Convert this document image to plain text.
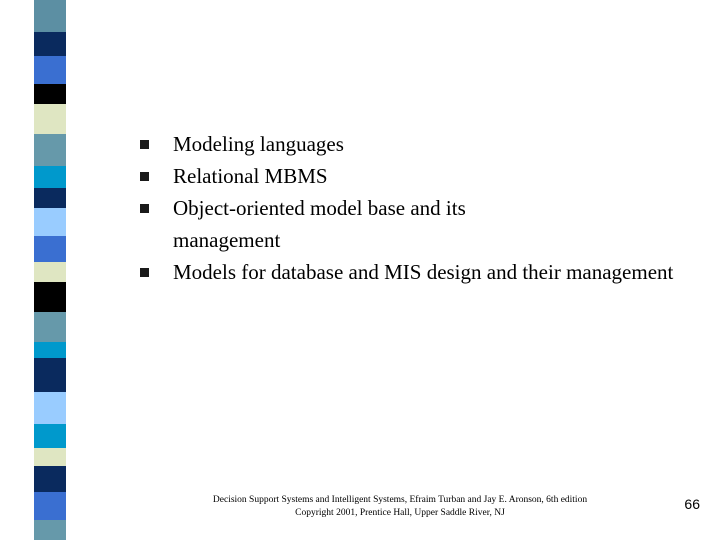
Modeling languages
Relational MBMS
Object-oriented model base and its management
Models for database and MIS design and their management
Decision Support Systems and Intelligent Systems, Efraim Turban and Jay E. Aronson, 6th edition
Copyright 2001, Prentice Hall, Upper Saddle River, NJ
66
